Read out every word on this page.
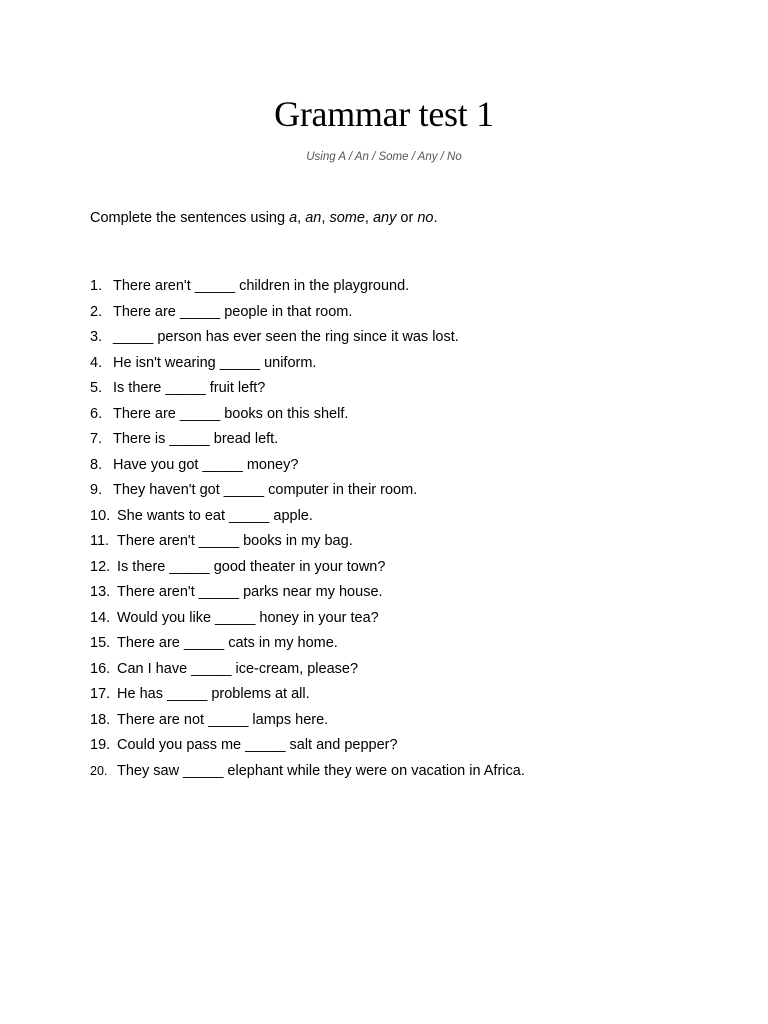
Grammar test 1
Using A / An / Some / Any / No
Complete the sentences using a, an, some, any or no.
1. There aren't _____ children in the playground.
2. There are _____ people in that room.
3. _____ person has ever seen the ring since it was lost.
4. He isn't wearing _____ uniform.
5. Is there _____ fruit left?
6. There are _____ books on this shelf.
7. There is _____ bread left.
8. Have you got _____ money?
9. They haven't got _____ computer in their room.
10. She wants to eat _____ apple.
11. There aren't _____ books in my bag.
12. Is there _____ good theater in your town?
13. There aren't _____ parks near my house.
14. Would you like _____ honey in your tea?
15. There are _____ cats in my home.
16. Can I have _____ ice-cream, please?
17. He has _____ problems at all.
18. There are not _____ lamps here.
19. Could you pass me _____ salt and pepper?
20. They saw _____ elephant while they were on vacation in Africa.
